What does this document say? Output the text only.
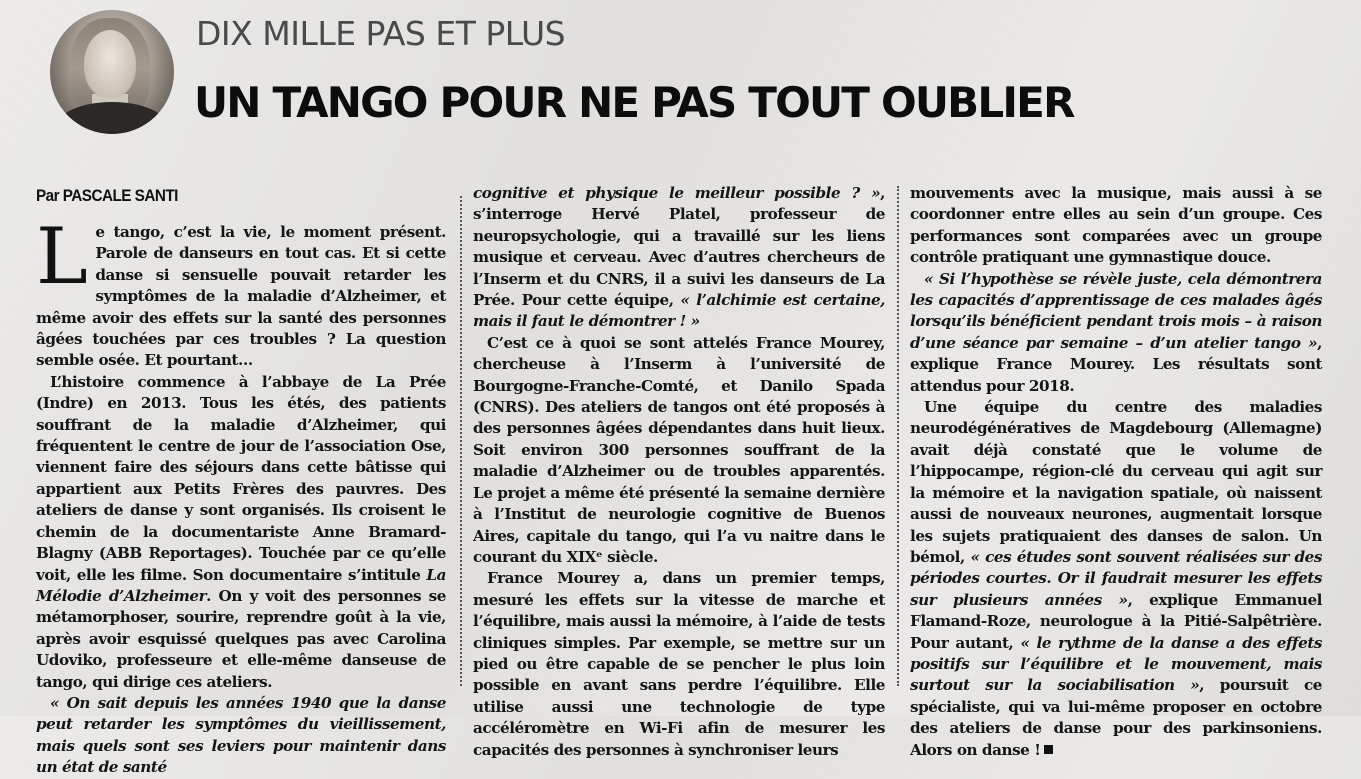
DIX MILLE PAS ET PLUS
UN TANGO POUR NE PAS TOUT OUBLIER
Par PASCALE SANTI

Le tango, c’est la vie, le moment présent. Parole de danseurs en tout cas. Et si cette danse si sensuelle pouvait retarder les symptômes de la maladie d’Alzheimer, et même avoir des effets sur la santé des personnes âgées touchées par ces troubles ? La question semble osée. Et pourtant…

L’histoire commence à l’abbaye de La Prée (Indre) en 2013. Tous les étés, des patients souffrant de la maladie d’Alzheimer, qui fréquentent le centre de jour de l’association Ose, viennent faire des séjours dans cette bâtisse qui appartient aux Petits Frères des pauvres. Des ateliers de danse y sont organisés. Ils croisent le chemin de la documentariste Anne Bramard-Blagny (ABB Reportages). Touchée par ce qu’elle voit, elle les filme. Son documentaire s’intitule La Mélodie d’Alzheimer. On y voit des personnes se métamorphoser, sourire, reprendre goût à la vie, après avoir esquissé quelques pas avec Carolina Udoviko, professeure et elle-même danseuse de tango, qui dirige ces ateliers.

« On sait depuis les années 1940 que la danse peut retarder les symptômes du vieillissement, mais quels sont ses leviers pour maintenir dans un état de santé

cognitive et physique le meilleur possible ? », s’interroge Hervé Platel, professeur de neuropsychologie, qui a travaillé sur les liens musique et cerveau. Avec d’autres chercheurs de l’Inserm et du CNRS, il a suivi les danseurs de La Prée. Pour cette équipe, « l’alchimie est certaine, mais il faut le démontrer ! »

C’est ce à quoi se sont attelés France Mourey, chercheuse à l’Inserm à l’université de Bourgogne-Franche-Comté, et Danilo Spada (CNRS). Des ateliers de tangos ont été proposés à des personnes âgées dépendantes dans huit lieux. Soit environ 300 personnes souffrant de la maladie d’Alzheimer ou de troubles apparentés. Le projet a même été présenté la semaine dernière à l’Institut de neurologie cognitive de Buenos Aires, capitale du tango, qui l’a vu naitre dans le courant du XIXᵉ siècle.

France Mourey a, dans un premier temps, mesuré les effets sur la vitesse de marche et l’équilibre, mais aussi la mémoire, à l’aide de tests cliniques simples. Par exemple, se mettre sur un pied ou être capable de se pencher le plus loin possible en avant sans perdre l’équilibre. Elle utilise aussi une technologie de type accéléromètre en Wi-Fi afin de mesurer les capacités des personnes à synchroniser leurs

mouvements avec la musique, mais aussi à se coordonner entre elles au sein d’un groupe. Ces performances sont comparées avec un groupe contrôle pratiquant une gymnastique douce.

« Si l’hypothèse se révèle juste, cela démontrera les capacités d’apprentissage de ces malades âgés lorsqu’ils bénéficient pendant trois mois – à raison d’une séance par semaine – d’un atelier tango », explique France Mourey. Les résultats sont attendus pour 2018.

Une équipe du centre des maladies neurodégénératives de Magdebourg (Allemagne) avait déjà constaté que le volume de l’hippocampe, région-clé du cerveau qui agit sur la mémoire et la navigation spatiale, où naissent aussi de nouveaux neurones, augmentait lorsque les sujets pratiquaient des danses de salon. Un bémol, « ces études sont souvent réalisées sur des périodes courtes. Or il faudrait mesurer les effets sur plusieurs années », explique Emmanuel Flamand-Roze, neurologue à la Pitié-Salpêtrière. Pour autant, « le rythme de la danse a des effets positifs sur l’équilibre et le mouvement, mais surtout sur la sociabilisation », poursuit ce spécialiste, qui va lui-même proposer en octobre des ateliers de danse pour des parkinsoniens. Alors on danse !
